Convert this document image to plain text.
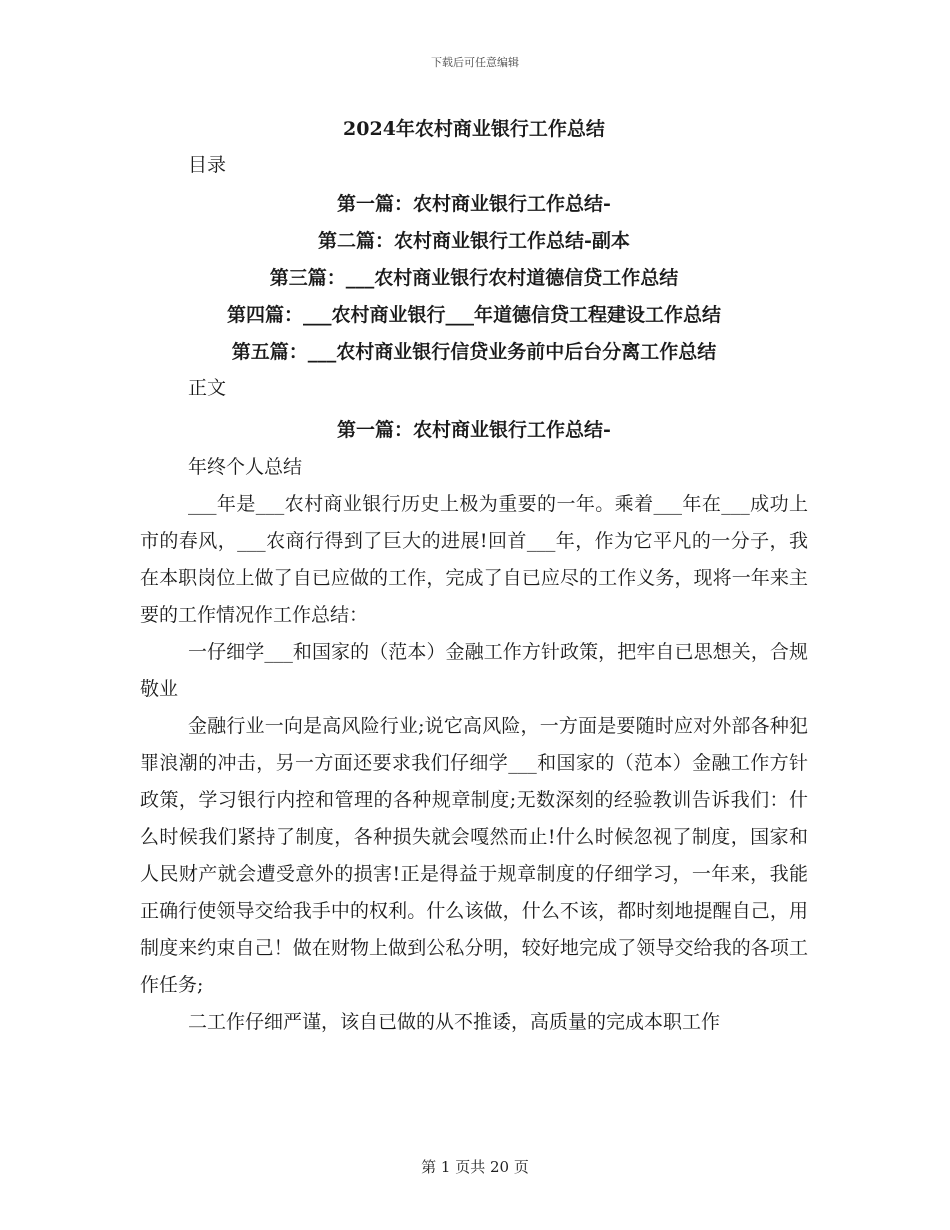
下载后可任意编辑
2024年农村商业银行工作总结
目录
第一篇：农村商业银行工作总结-
第二篇：农村商业银行工作总结-副本
第三篇：___农村商业银行农村道德信贷工作总结
第四篇：___农村商业银行___年道德信贷工程建设工作总结
第五篇：___农村商业银行信贷业务前中后台分离工作总结
正文
第一篇：农村商业银行工作总结-

年终个人总结

___年是___农村商业银行历史上极为重要的一年。乘着___年在___成功上市的春风，___农商行得到了巨大的进展!回首___年，作为它平凡的一分子，我在本职岗位上做了自已应做的工作，完成了自已应尽的工作义务，现将一年来主要的工作情况作工作总结：

一仔细学___和国家的（范本）金融工作方针政策，把牢自已思想关，合规敬业

金融行业一向是高风险行业;说它高风险，一方面是要随时应对外部各种犯罪浪潮的冲击，另一方面还要求我们仔细学___和国家的（范本）金融工作方针政策，学习银行内控和管理的各种规章制度;无数深刻的经验教训告诉我们：什么时候我们紧持了制度，各种损失就会嘎然而止!什么时候忽视了制度，国家和人民财产就会遭受意外的损害!正是得益于规章制度的仔细学习，一年来，我能正确行使领导交给我手中的权利。什么该做，什么不该，都时刻地提醒自己，用制度来约束自己！做在财物上做到公私分明，较好地完成了领导交给我的各项工作任务;

二工作仔细严谨，该自已做的从不推诿，高质量的完成本职工作

第 1 页共 20 页
